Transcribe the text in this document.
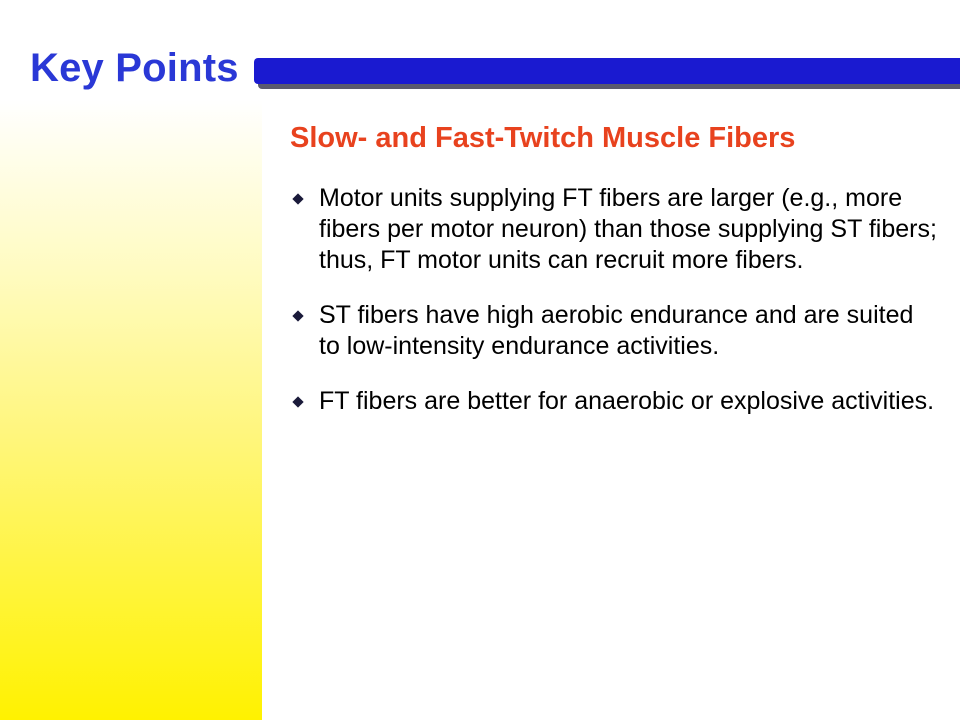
Key Points
Slow- and Fast-Twitch Muscle Fibers
Motor units supplying FT fibers are larger (e.g., more fibers per motor neuron) than those supplying ST fibers; thus, FT motor units can recruit more fibers.
ST fibers have high aerobic endurance and are suited to low-intensity endurance activities.
FT fibers are better for anaerobic or explosive activities.
